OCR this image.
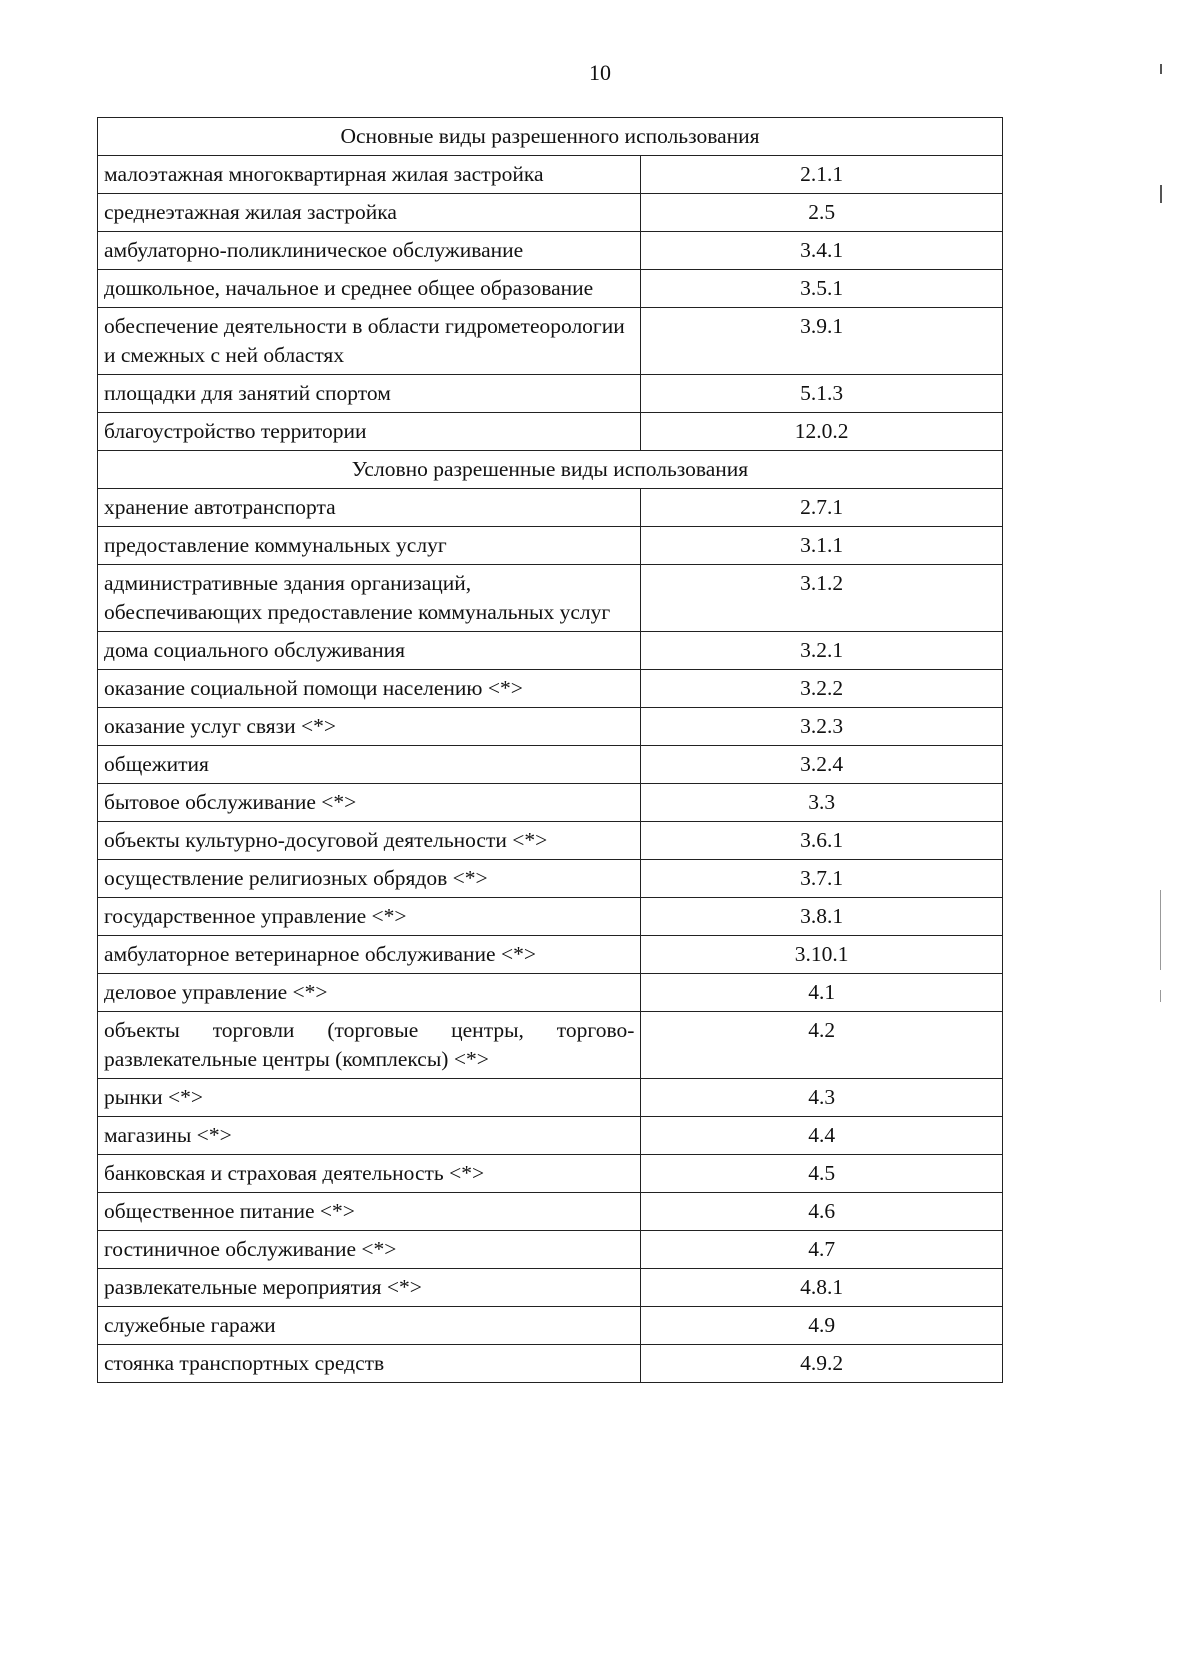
10
Основные виды разрешенного использования	
малоэтажная многоквартирная жилая застройка	2.1.1
среднеэтажная жилая застройка	2.5
амбулаторно-поликлиническое обслуживание	3.4.1
дошкольное, начальное и среднее общее образование	3.5.1
обеспечение деятельности в области гидрометеорологии и смежных с ней областях	3.9.1
площадки для занятий спортом	5.1.3
благоустройство территории	12.0.2
Условно разрешенные виды использования	
хранение автотранспорта	2.7.1
предоставление коммунальных услуг	3.1.1
административные здания организаций, обеспечивающих предоставление коммунальных услуг	3.1.2
дома социального обслуживания	3.2.1
оказание социальной помощи населению <*>	3.2.2
оказание услуг связи <*>	3.2.3
общежития	3.2.4
бытовое обслуживание <*>	3.3
объекты культурно-досуговой деятельности <*>	3.6.1
осуществление религиозных обрядов <*>	3.7.1
государственное управление <*>	3.8.1
амбулаторное ветеринарное обслуживание <*>	3.10.1
деловое управление <*>	4.1
объекты торговли (торговые центры, торгово-развлекательные центры (комплексы) <*>	4.2
рынки <*>	4.3
магазины <*>	4.4
банковская и страховая деятельность <*>	4.5
общественное питание <*>	4.6
гостиничное обслуживание <*>	4.7
развлекательные мероприятия <*>	4.8.1
служебные гаражи	4.9
стоянка транспортных средств	4.9.2
